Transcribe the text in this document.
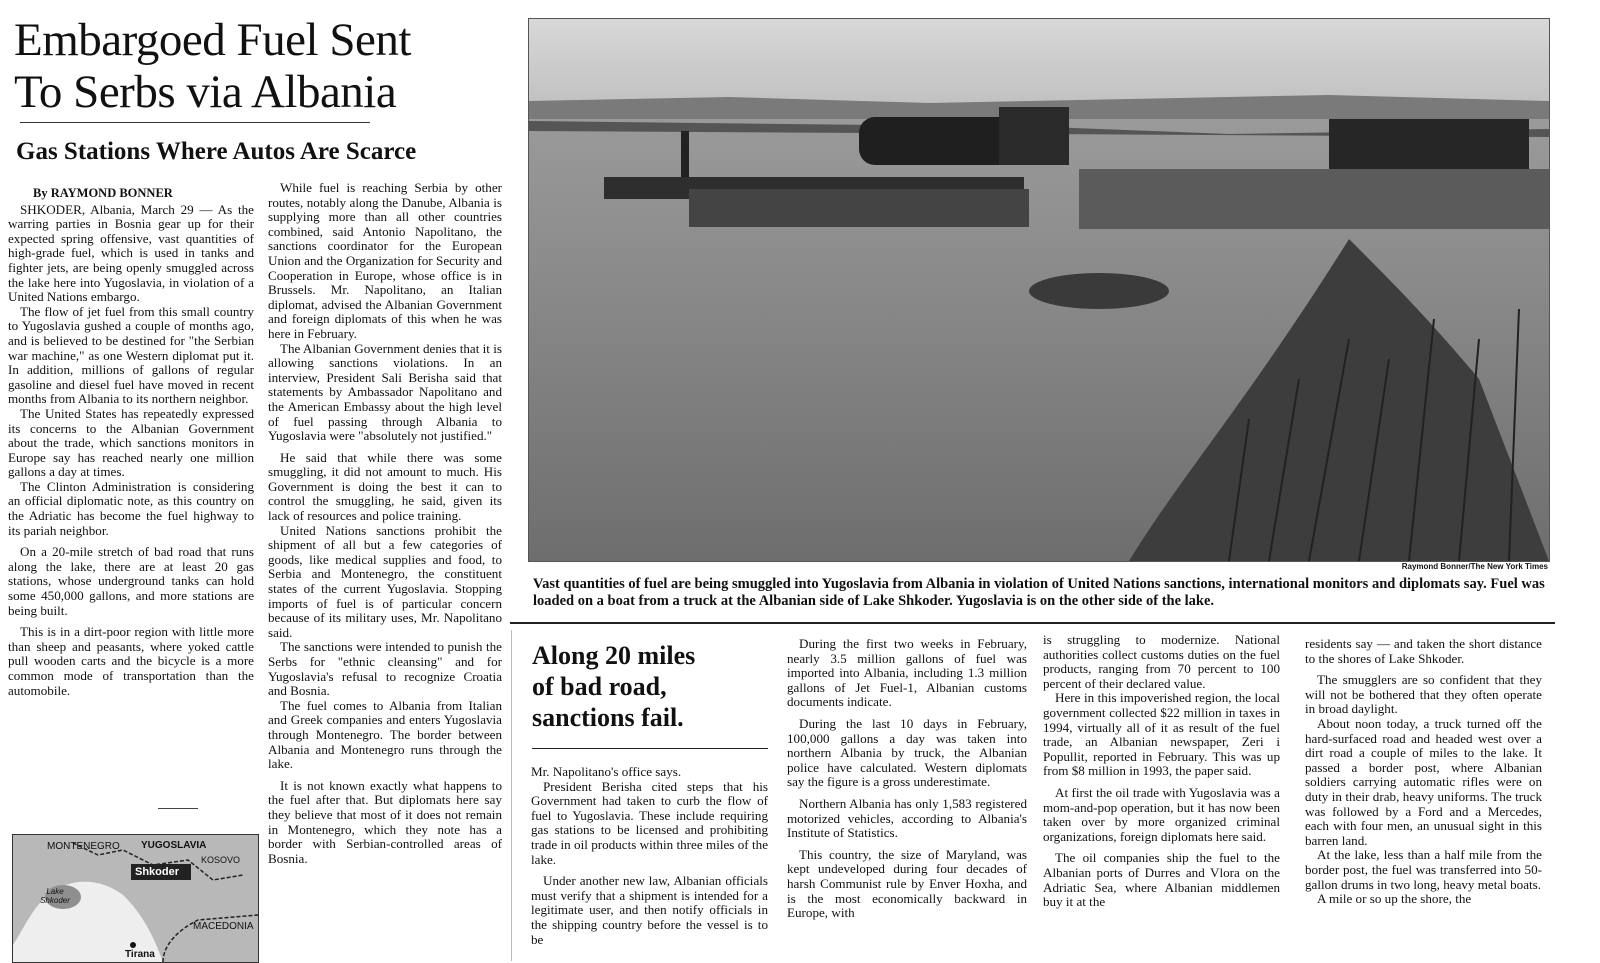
Embargoed Fuel Sent
To Serbs via Albania
Gas Stations Where Autos Are Scarce

By RAYMOND BONNER

SHKODER, Albania, March 29 — As the warring parties in Bosnia gear up for their expected spring offensive, vast quantities of high-grade fuel, which is used in tanks and fighter jets, are being openly smuggled across the lake here into Yugoslavia, in violation of a United Nations embargo.

The flow of jet fuel from this small country to Yugoslavia gushed a couple of months ago, and is believed to be destined for "the Serbian war machine," as one Western diplomat put it. In addition, millions of gallons of regular gasoline and diesel fuel have moved in recent months from Albania to its northern neighbor.

The United States has repeatedly expressed its concerns to the Albanian Government about the trade, which sanctions monitors in Europe say has reached nearly one million gallons a day at times.

The Clinton Administration is considering an official diplomatic note, as this country on the Adriatic has become the fuel highway to its pariah neighbor.

On a 20-mile stretch of bad road that runs along the lake, there are at least 20 gas stations, whose underground tanks can hold some 450,000 gallons, and more stations are being built.

This is in a dirt-poor region with little more than sheep and peasants, where yoked cattle pull wooden carts and the bicycle is a more common mode of transportation than the automobile.

MONTENEGRO YUGOSLAVIA
KOSOVO
Lake Shkoder
Shkoder
MACEDONIA
Tirana

While fuel is reaching Serbia by other routes, notably along the Danube, Albania is supplying more than all other countries combined, said Antonio Napolitano, the sanctions coordinator for the European Union and the Organization for Security and Cooperation in Europe, whose office is in Brussels. Mr. Napolitano, an Italian diplomat, advised the Albanian Government and foreign diplomats of this when he was here in February.

The Albanian Government denies that it is allowing sanctions violations. In an interview, President Sali Berisha said that statements by Ambassador Napolitano and the American Embassy about the high level of fuel passing through Albania to Yugoslavia were "absolutely not justified."

He said that while there was some smuggling, it did not amount to much. His Government is doing the best it can to control the smuggling, he said, given its lack of resources and police training.

United Nations sanctions prohibit the shipment of all but a few categories of goods, like medical supplies and food, to Serbia and Montenegro, the constituent states of the current Yugoslavia. Stopping imports of fuel is of particular concern because of its military uses, Mr. Napolitano said.

The sanctions were intended to punish the Serbs for "ethnic cleansing" and for Yugoslavia's refusal to recognize Croatia and Bosnia.

The fuel comes to Albania from Italian and Greek companies and enters Yugoslavia through Montenegro. The border between Albania and Montenegro runs through the lake.

It is not known exactly what happens to the fuel after that. But diplomats here say they believe that most of it does not remain in Montenegro, which they note has a border with Serbian-controlled areas of Bosnia.

Raymond Bonner/The New York Times
Vast quantities of fuel are being smuggled into Yugoslavia from Albania in violation of United Nations sanctions, international monitors and diplomats say. Fuel was loaded on a boat from a truck at the Albanian side of Lake Shkoder. Yugoslavia is on the other side of the lake.
Along 20 miles
of bad road,
sanctions fail.

Mr. Napolitano's office says.

President Berisha cited steps that his Government had taken to curb the flow of fuel to Yugoslavia. These include requiring gas stations to be licensed and prohibiting trade in oil products within three miles of the lake.

Under another new law, Albanian officials must verify that a shipment is intended for a legitimate user, and then notify officials in the shipping country before the vessel is to be

During the first two weeks in February, nearly 3.5 million gallons of fuel was imported into Albania, including 1.3 million gallons of Jet Fuel-1, Albanian customs documents indicate.

During the last 10 days in February, 100,000 gallons a day was taken into northern Albania by truck, the Albanian police have calculated. Western diplomats say the figure is a gross underestimate.

Northern Albania has only 1,583 registered motorized vehicles, according to Albania's Institute of Statistics.

This country, the size of Maryland, was kept undeveloped during four decades of harsh Communist rule by Enver Hoxha, and is the most economically backward in Europe, with

is struggling to modernize. National authorities collect customs duties on the fuel products, ranging from 70 percent to 100 percent of their declared value.

Here in this impoverished region, the local government collected $22 million in taxes in 1994, virtually all of it as result of the fuel trade, an Albanian newspaper, Zeri i Popullit, reported in February. This was up from $8 million in 1993, the paper said.

At first the oil trade with Yugoslavia was a mom-and-pop operation, but it has now been taken over by more organized criminal organizations, foreign diplomats here said.

The oil companies ship the fuel to the Albanian ports of Durres and Vlora on the Adriatic Sea, where Albanian middlemen buy it at the

residents say — and taken the short distance to the shores of Lake Shkoder.

The smugglers are so confident that they will not be bothered that they often operate in broad daylight.

About noon today, a truck turned off the hard-surfaced road and headed west over a dirt road a couple of miles to the lake. It passed a border post, where Albanian soldiers carrying automatic rifles were on duty in their drab, heavy uniforms. The truck was followed by a Ford and a Mercedes, each with four men, an unusual sight in this barren land.

At the lake, less than a half mile from the border post, the fuel was transferred into 50-gallon drums in two long, heavy metal boats.

A mile or so up the shore, the
